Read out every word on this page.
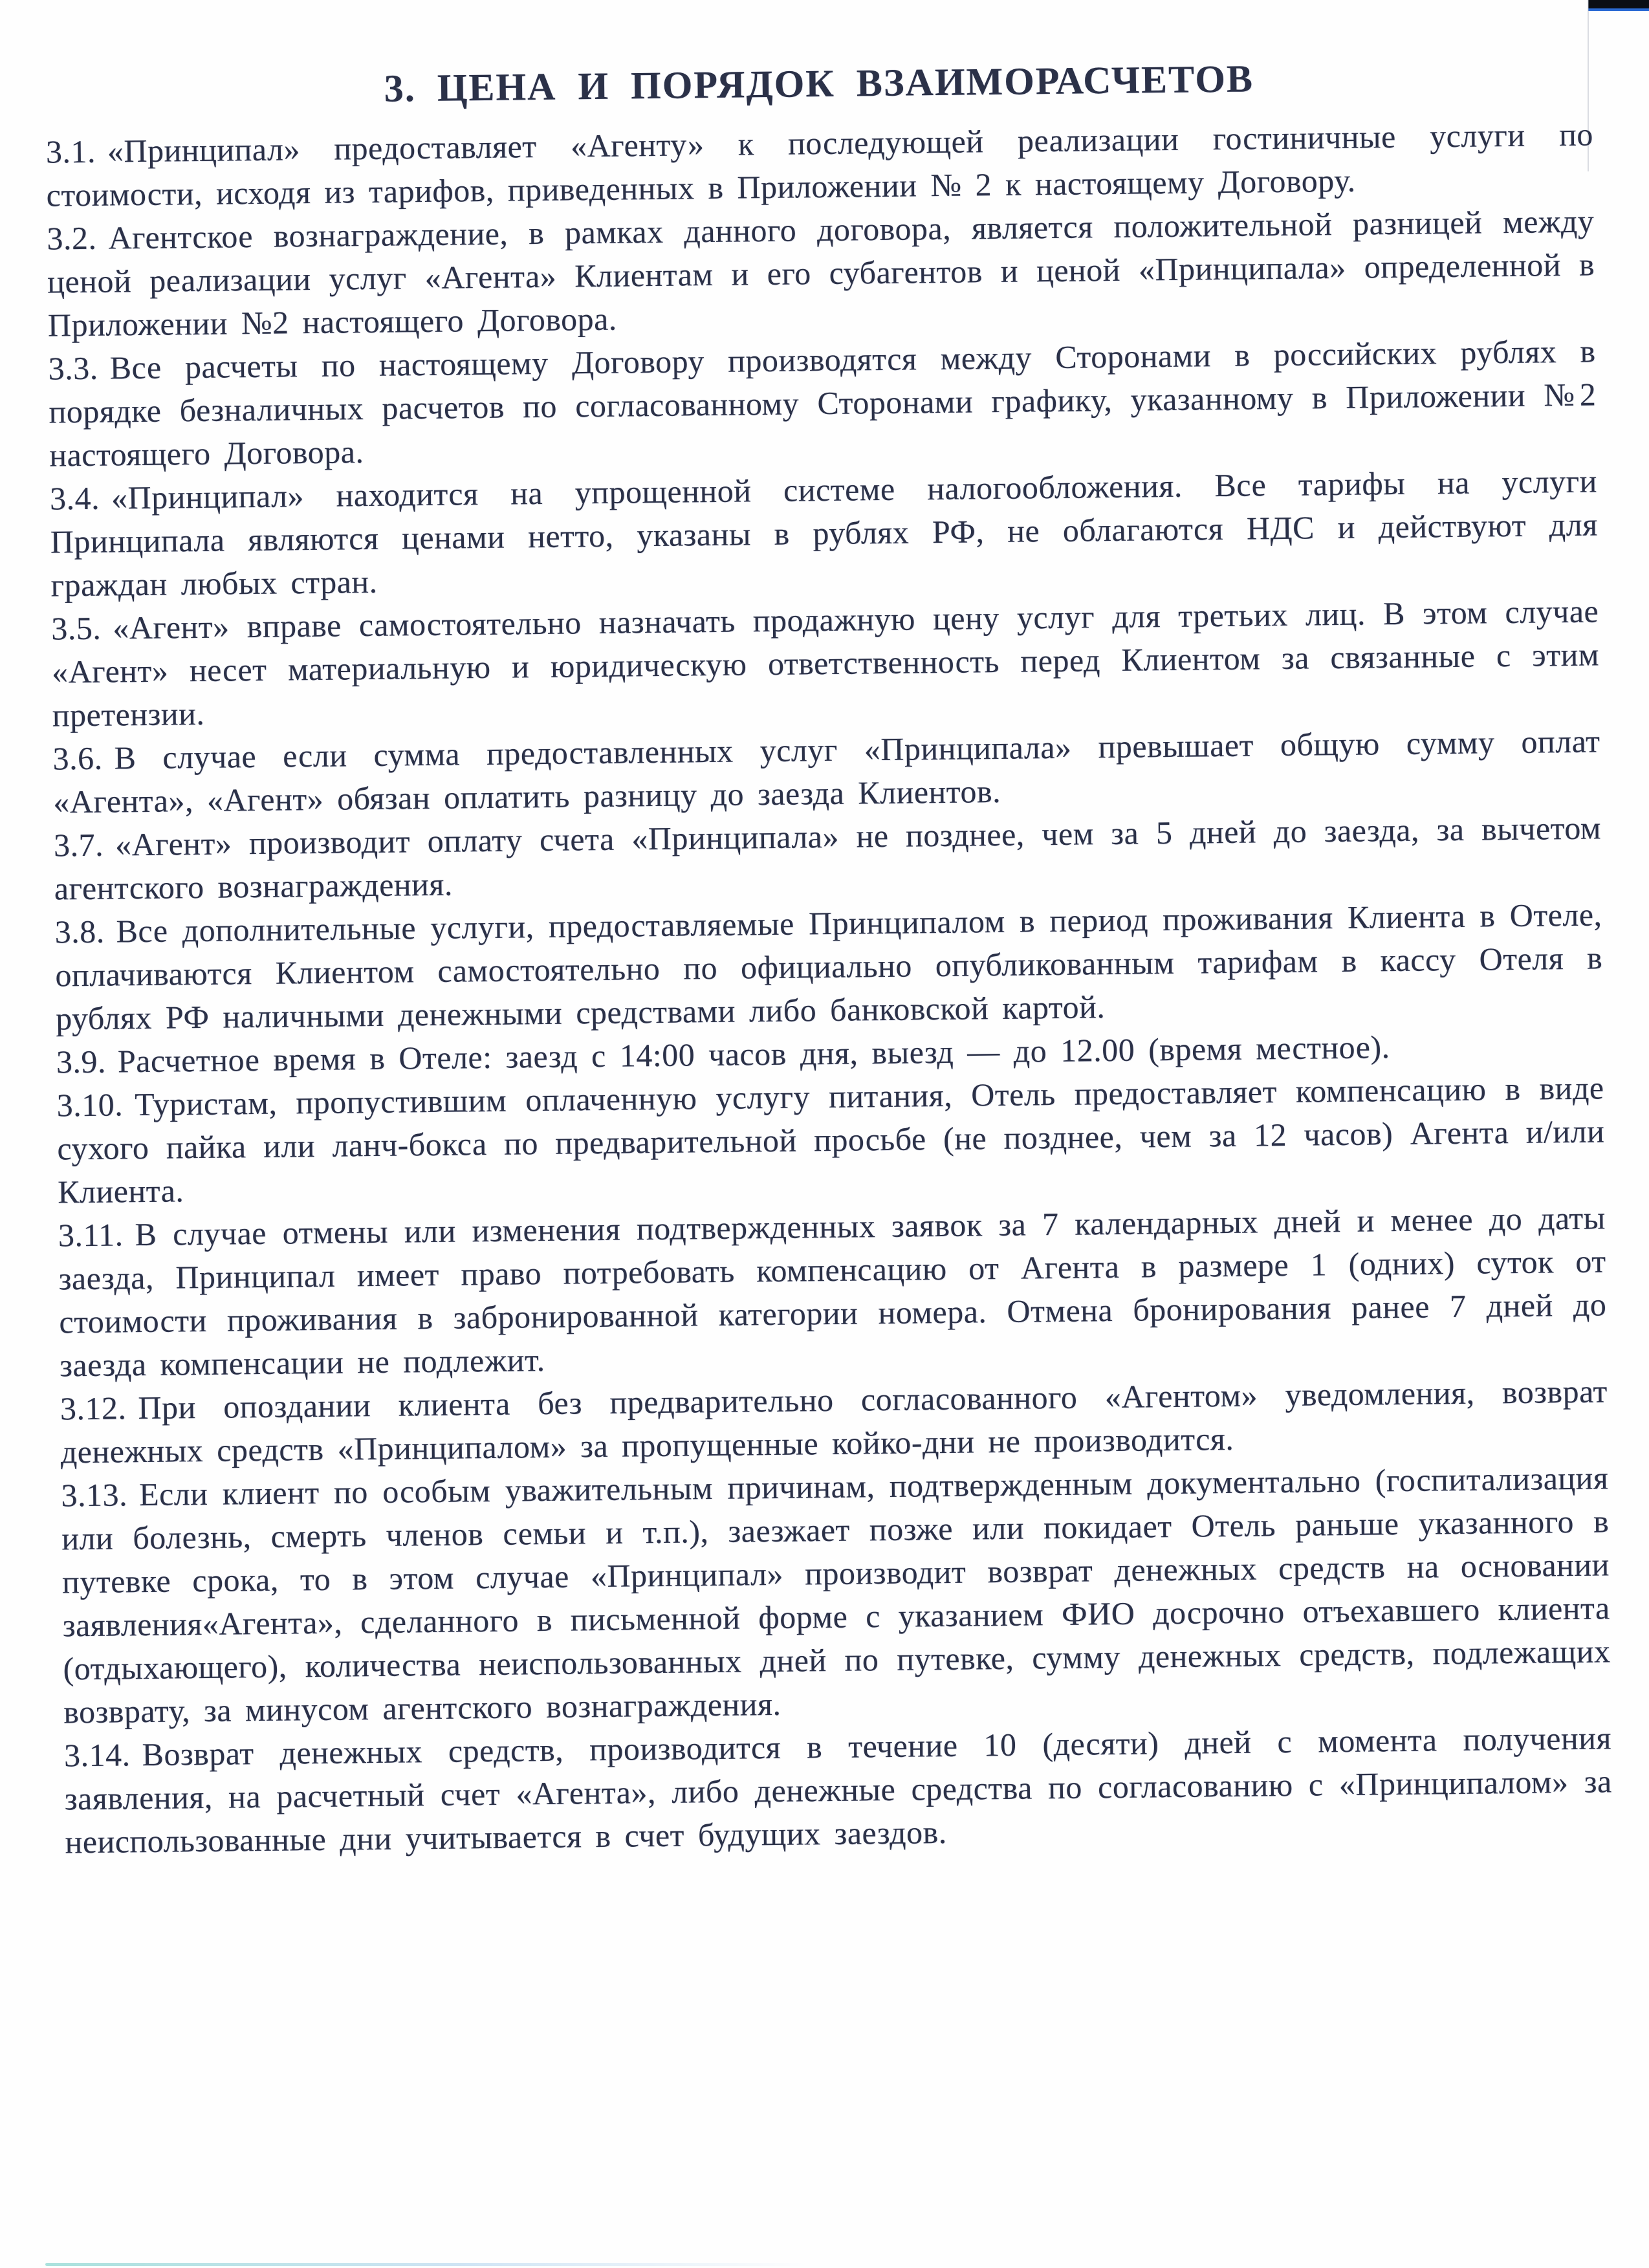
3. ЦЕНА И ПОРЯДОК ВЗАИМОРАСЧЕТОВ

3.1. «Принципал» предоставляет «Агенту» к последующей реализации гостиничные услуги по стоимости, исходя из тарифов, приведенных в Приложении № 2 к настоящему Договору.

3.2. Агентское вознаграждение, в рамках данного договора, является положительной разницей между ценой реализации услуг «Агента» Клиентам и его субагентов и ценой «Принципала» определенной в Приложении №2 настоящего Договора.

3.3. Все расчеты по настоящему Договору производятся между Сторонами в российских рублях в порядке безналичных расчетов по согласованному Сторонами графику, указанному в Приложении №2 настоящего Договора.

3.4. «Принципал» находится на упрощенной системе налогообложения. Все тарифы на услуги Принципала являются ценами нетто, указаны в рублях РФ, не облагаются НДС и действуют для граждан любых стран.

3.5. «Агент» вправе самостоятельно назначать продажную цену услуг для третьих лиц. В этом случае «Агент» несет материальную и юридическую ответственность перед Клиентом за связанные с этим претензии.

3.6. В случае если сумма предоставленных услуг «Принципала» превышает общую сумму оплат «Агента», «Агент» обязан оплатить разницу до заезда Клиентов.

3.7. «Агент» производит оплату счета «Принципала» не позднее, чем за 5 дней до заезда, за вычетом агентского вознаграждения.

3.8. Все дополнительные услуги, предоставляемые Принципалом в период проживания Клиента в Отеле, оплачиваются Клиентом самостоятельно по официально опубликованным тарифам в кассу Отеля в рублях РФ наличными денежными средствами либо банковской картой.

3.9. Расчетное время в Отеле: заезд с 14:00 часов дня, выезд — до 12.00 (время местное).

3.10. Туристам, пропустившим оплаченную услугу питания, Отель предоставляет компенсацию в виде сухого пайка или ланч-бокса по предварительной просьбе (не позднее, чем за 12 часов) Агента и/или Клиента.

3.11. В случае отмены или изменения подтвержденных заявок за 7 календарных дней и менее до даты заезда, Принципал имеет право потребовать компенсацию от Агента в размере 1 (одних) суток от стоимости проживания в забронированной категории номера. Отмена бронирования ранее 7 дней до заезда компенсации не подлежит.

3.12. При опоздании клиента без предварительно согласованного «Агентом» уведомления, возврат денежных средств «Принципалом» за пропущенные койко-дни не производится.

3.13. Если клиент по особым уважительным причинам, подтвержденным документально (госпитализация или болезнь, смерть членов семьи и т.п.), заезжает позже или покидает Отель раньше указанного в путевке срока, то в этом случае «Принципал» производит возврат денежных средств на основании заявления«Агента», сделанного в письменной форме с указанием ФИО досрочно отъехавшего клиента (отдыхающего), количества неиспользованных дней по путевке, сумму денежных средств, подлежащих возврату, за минусом агентского вознаграждения.

3.14. Возврат денежных средств, производится в течение 10 (десяти) дней с момента получения заявления, на расчетный счет «Агента», либо денежные средства по согласованию с «Принципалом» за неиспользованные дни учитывается в счет будущих заездов.
